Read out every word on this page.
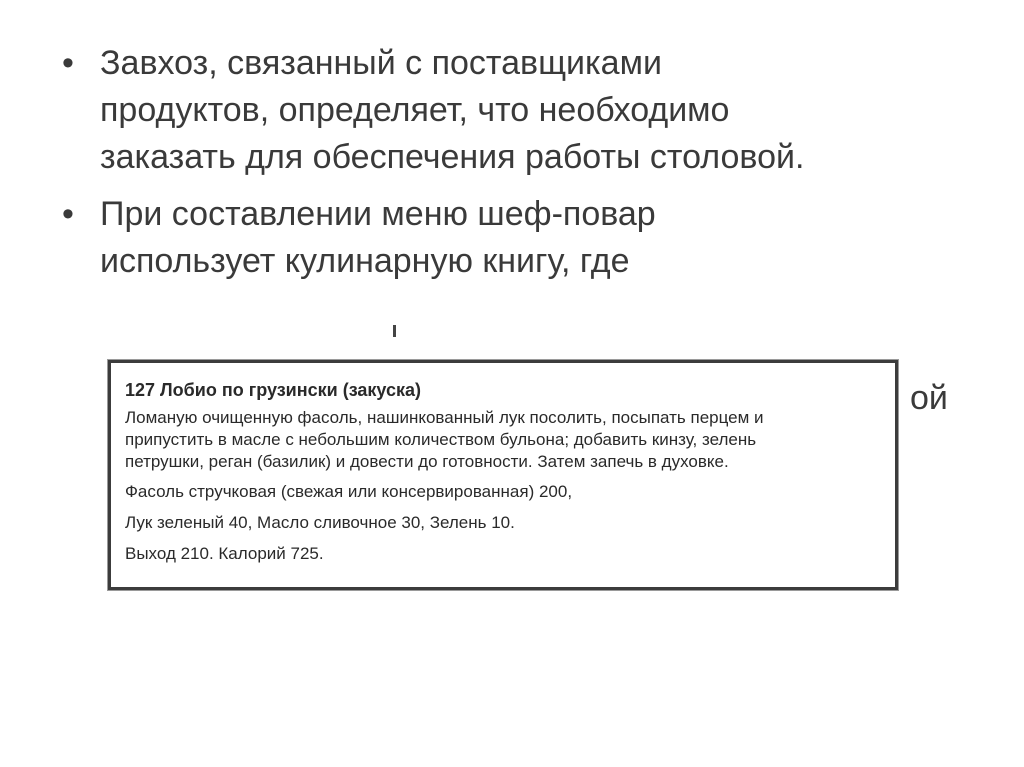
• Завхоз, связанный с поставщиками
продуктов, определяет, что необходимо
заказать для обеспечения работы столовой.
• При составлении меню шеф-повар
использует кулинарную книгу, где
ой
127 Лобио по грузински (закуска)
Ломаную очищенную фасоль, нашинкованный лук посолить, посыпать перцем и
припустить в масле с небольшим количеством бульона; добавить кинзу, зелень
петрушки, реган (базилик) и довести до готовности. Затем запечь в духовке.
Фасоль стручковая (свежая или консервированная) 200,
Лук зеленый 40, Масло сливочное 30, Зелень 10.
Выход 210. Калорий 725.
